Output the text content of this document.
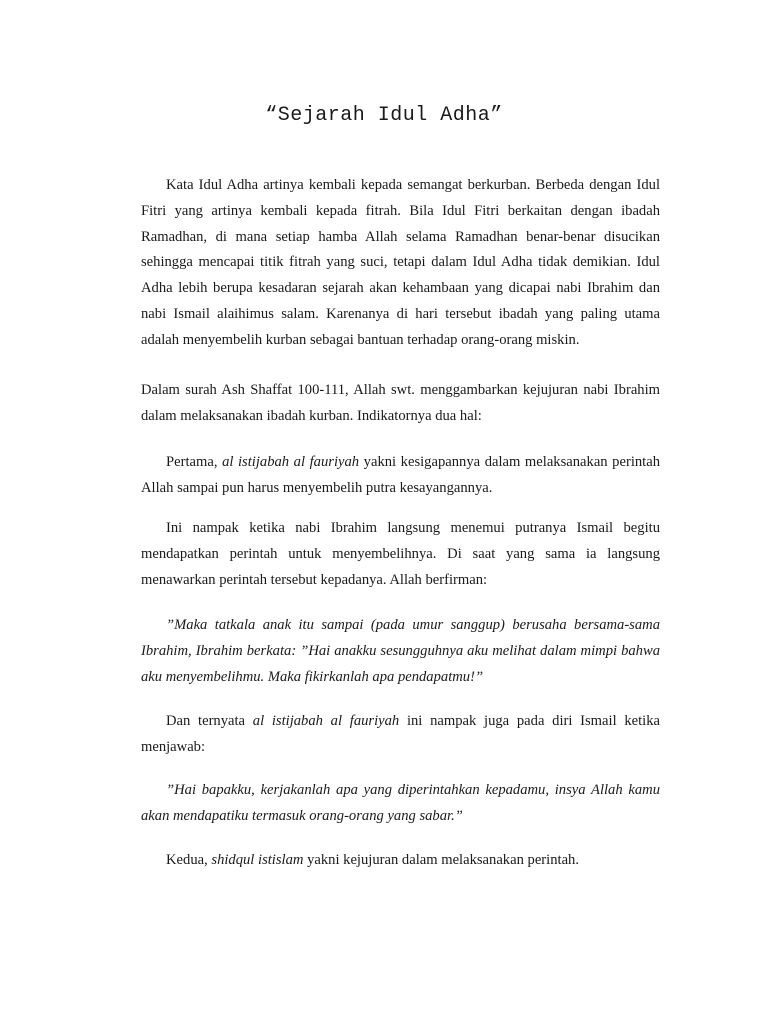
“Sejarah Idul Adha”

Kata Idul Adha artinya kembali kepada semangat berkurban. Berbeda dengan Idul Fitri yang artinya kembali kepada fitrah. Bila Idul Fitri berkaitan dengan ibadah Ramadhan, di mana setiap hamba Allah selama Ramadhan benar-benar disucikan sehingga mencapai titik fitrah yang suci, tetapi dalam Idul Adha tidak demikian. Idul Adha lebih berupa kesadaran sejarah akan kehambaan yang dicapai nabi Ibrahim dan nabi Ismail alaihimus salam. Karenanya di hari tersebut ibadah yang paling utama adalah menyembelih kurban sebagai bantuan terhadap orang-orang miskin.

Dalam surah Ash Shaffat 100-111, Allah swt. menggambarkan kejujuran nabi Ibrahim dalam melaksanakan ibadah kurban. Indikatornya dua hal:

Pertama, al istijabah al fauriyah yakni kesigapannya dalam melaksanakan perintah Allah sampai pun harus menyembelih putra kesayangannya.

Ini nampak ketika nabi Ibrahim langsung menemui putranya Ismail begitu mendapatkan perintah untuk menyembelihnya. Di saat yang sama ia langsung menawarkan perintah tersebut kepadanya. Allah berfirman:

”Maka tatkala anak itu sampai (pada umur sanggup) berusaha bersama-sama Ibrahim, Ibrahim berkata: ”Hai anakku sesungguhnya aku melihat dalam mimpi bahwa aku menyembelihmu. Maka fikirkanlah apa pendapatmu!”

Dan ternyata al istijabah al fauriyah ini nampak juga pada diri Ismail ketika menjawab:

”Hai bapakku, kerjakanlah apa yang diperintahkan kepadamu, insya Allah kamu akan mendapatiku termasuk orang-orang yang sabar.”

Kedua, shidqul istislam yakni kejujuran dalam melaksanakan perintah.
